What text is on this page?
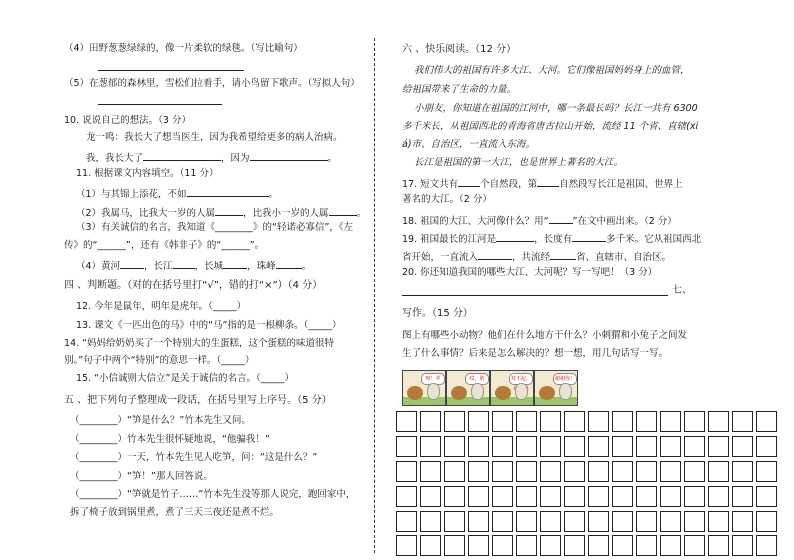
（4）田野葱葱绿绿的，像一片柔软的绿毯。（写比喻句）
（5）在葱郁的森林里，雪松们拉着手，请小鸟留下歌声。（写拟人句）
10. 说说自己的想法。（3 分）
龙一鸣：我长大了想当医生，因为我希望给更多的病人治病。
我，我长大了	，因为	。
11. 根据课文内容填空。（11 分）
（1）与其锦上添花，不如	。
（2）我属马，比我大一岁的人属	，比我小一岁的人属	。
（3）有关诚信的名言，我知道《________》的“轻诺必寡信”，《左
传》的“______”，还有《韩非子》的“______”。
（4）黄河	，长江 ，长城	，珠峰	。
四 、判断题。（对的在括号里打“√”，错的打“×”）（4 分）
12. 今年是鼠年，明年是虎年。（_____）
13. 课文《一匹出色的马》中的“马”指的是一根柳条。（_____）
14. “妈妈给奶奶买了一个特别大的生蛋糕，这个蛋糕的味道很特
别。”句子中两个“特别”的意思一样。（_____）
15. “小信诚则大信立”是关于诚信的名言。（_____）
五 、把下列句子整理成一段话，在括号里写上序号。（5 分）
（________）“笋是什么？”竹本先生又问。
（________）竹本先生很怀疑地说，“他骗我！”
（________）一天，竹本先生见人吃笋，问：“这是什么？”
（________）“笋！”那人回答说。
（________）“笋就是竹子……”竹本先生没等那人说完，跑回家中，
拆了椅子放到锅里煮，煮了三天三夜还是煮不烂。
六 、快乐阅读。（12 分）
我们伟大的祖国有许多大江、大河。它们像祖国妈妈身上的血管，
给祖国带来了生命的力量。
小朋友，你知道在祖国的江河中，哪一条最长吗？长江一共有 6300
多千米长，从祖国西北的青海省唐古拉山开始，流经 11 个省、直辖(xi
á)市、自治区，一直流入东海。
长江是祖国的第一大江，也是世界上著名的大江。
17. 短文共有 个自然段，第 自然段写长江是祖国、世界上
著名的大江。（2 分）
18. 祖国的大江、大河像什么？用“	”在文中画出来。（2 分）
19. 祖国最长的江河是	，长度有	多千米。它从祖国西北
省开始，一直流入	，共流经	省、直辖市、自治区。
20. 你还知道我国的哪些大江、大河呢？写一写吧！（3 分）
七、
写作。（15 分）
图上有哪些小动物？他们在什么地方干什么？小刺猬和小兔子之间发
生了什么事情？后来是怎么解决的？想一想，用几句话写一写。
呀！苹	哎，别	对不起，	谢谢你！
